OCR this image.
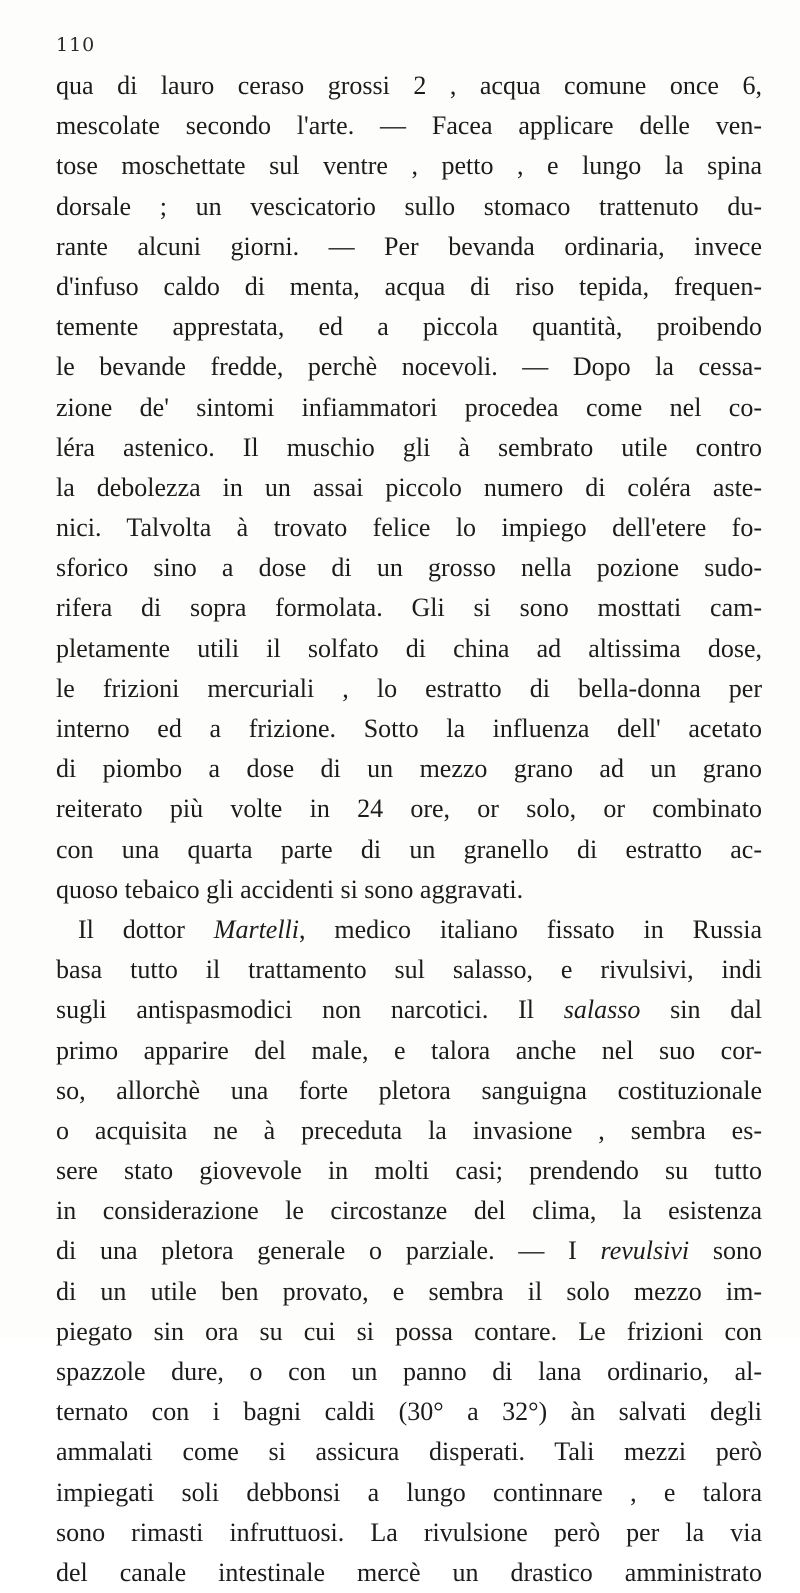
110
qua di lauro ceraso grossi 2 , acqua comune once 6,
mescolate secondo l'arte. — Facea applicare delle ven-
tose moschettate sul ventre , petto , e lungo la spina
dorsale ; un vescicatorio sullo stomaco trattenuto du-
rante alcuni giorni. — Per bevanda ordinaria, invece
d'infuso caldo di menta, acqua di riso tepida, frequen-
temente apprestata, ed a piccola quantità, proibendo
le bevande fredde, perchè nocevoli. — Dopo la cessa-
zione de' sintomi infiammatori procedea come nel co-
léra astenico. Il muschio gli à sembrato utile contro
la debolezza in un assai piccolo numero di coléra aste-
nici. Talvolta à trovato felice lo impiego dell'etere fo-
sforico sino a dose di un grosso nella pozione sudo-
rifera di sopra formolata. Gli si sono mosttati cam-
pletamente utili il solfato di china ad altissima dose,
le frizioni mercuriali , lo estratto di bella-donna per
interno ed a frizione. Sotto la influenza dell' acetato
di piombo a dose di un mezzo grano ad un grano
reiterato più volte in 24 ore, or solo, or combinato
con una quarta parte di un granello di estratto ac-
quoso tebaico gli accidenti si sono aggravati.
Il dottor Martelli, medico italiano fissato in Russia
basa tutto il trattamento sul salasso, e rivulsivi, indi
sugli antispasmodici non narcotici. Il salasso sin dal
primo apparire del male, e talora anche nel suo cor-
so, allorchè una forte pletora sanguigna costituzionale
o acquisita ne à preceduta la invasione , sembra es-
sere stato giovevole in molti casi; prendendo su tutto
in considerazione le circostanze del clima, la esistenza
di una pletora generale o parziale. — I revulsivi sono
di un utile ben provato, e sembra il solo mezzo im-
piegato sin ora su cui si possa contare. Le frizioni con
spazzole dure, o con un panno di lana ordinario, al-
ternato con i bagni caldi (30° a 32°) àn salvati degli
ammalati come si assicura disperati. Tali mezzi però
impiegati soli debbonsi a lungo continnare , e talora
sono rimasti infruttuosi. La rivulsione però per la via
del canale intestinale mercè un drastico amministrato
